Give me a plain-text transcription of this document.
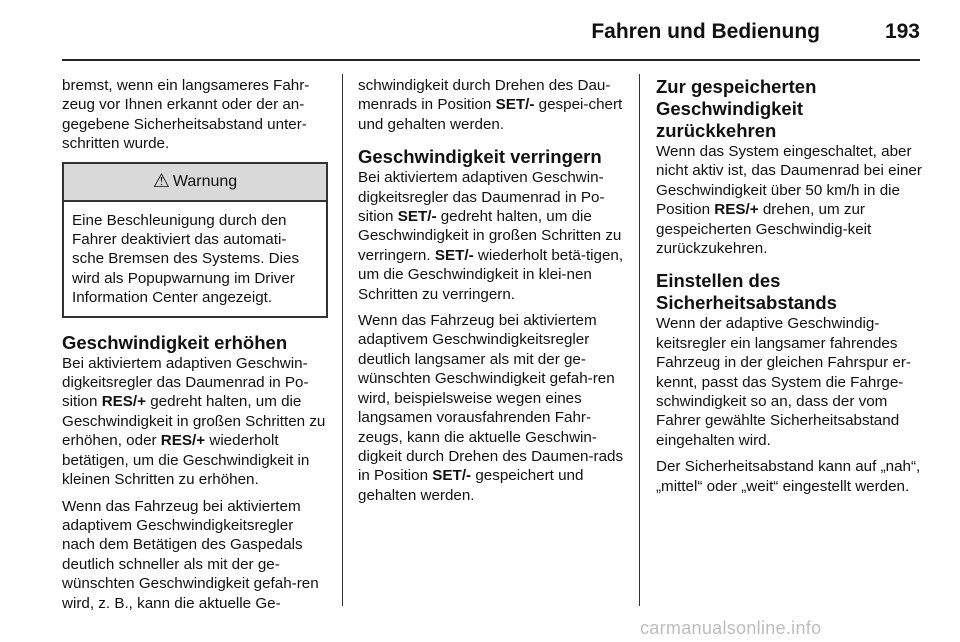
Fahren und Bedienung	193

bremst, wenn ein langsameres Fahr-zeug vor Ihnen erkannt oder der an-gegebene Sicherheitsabstand unter-schritten wurde.

⚠ Warnung
Eine Beschleunigung durch den Fahrer deaktiviert das automati-sche Bremsen des Systems. Dies wird als Popupwarnung im Driver Information Center angezeigt.
Geschwindigkeit erhöhen

Bei aktiviertem adaptiven Geschwin-digkeitsregler das Daumenrad in Po-sition RES/+ gedreht halten, um die Geschwindigkeit in großen Schritten zu erhöhen, oder RES/+ wiederholt betätigen, um die Geschwindigkeit in kleinen Schritten zu erhöhen.

Wenn das Fahrzeug bei aktiviertem adaptivem Geschwindigkeitsregler nach dem Betätigen des Gaspedals deutlich schneller als mit der ge-wünschten Geschwindigkeit gefah-ren wird, z. B., kann die aktuelle Ge-

schwindigkeit durch Drehen des Dau-menrads in Position SET/- gespei-chert und gehalten werden.

Geschwindigkeit verringern

Bei aktiviertem adaptiven Geschwin-digkeitsregler das Daumenrad in Po-sition SET/- gedreht halten, um die Geschwindigkeit in großen Schritten zu verringern. SET/- wiederholt betä-tigen, um die Geschwindigkeit in klei-nen Schritten zu verringern.

Wenn das Fahrzeug bei aktiviertem adaptivem Geschwindigkeitsregler deutlich langsamer als mit der ge-wünschten Geschwindigkeit gefah-ren wird, beispielsweise wegen eines langsamen vorausfahrenden Fahr-zeugs, kann die aktuelle Geschwin-digkeit durch Drehen des Daumen-rads in Position SET/- gespeichert und gehalten werden.

Zur gespeicherten Geschwindigkeit zurückkehren

Wenn das System eingeschaltet, aber nicht aktiv ist, das Daumenrad bei einer Geschwindigkeit über 50 km/h in die Position RES/+ drehen, um zur gespeicherten Geschwindig-keit zurückzukehren.

Einstellen des Sicherheitsabstands

Wenn der adaptive Geschwindig-keitsregler ein langsamer fahrendes Fahrzeug in der gleichen Fahrspur er-kennt, passt das System die Fahrge-schwindigkeit so an, dass der vom Fahrer gewählte Sicherheitsabstand eingehalten wird.

Der Sicherheitsabstand kann auf „nah“, „mittel“ oder „weit“ eingestellt werden.

carmanualsonline.info
